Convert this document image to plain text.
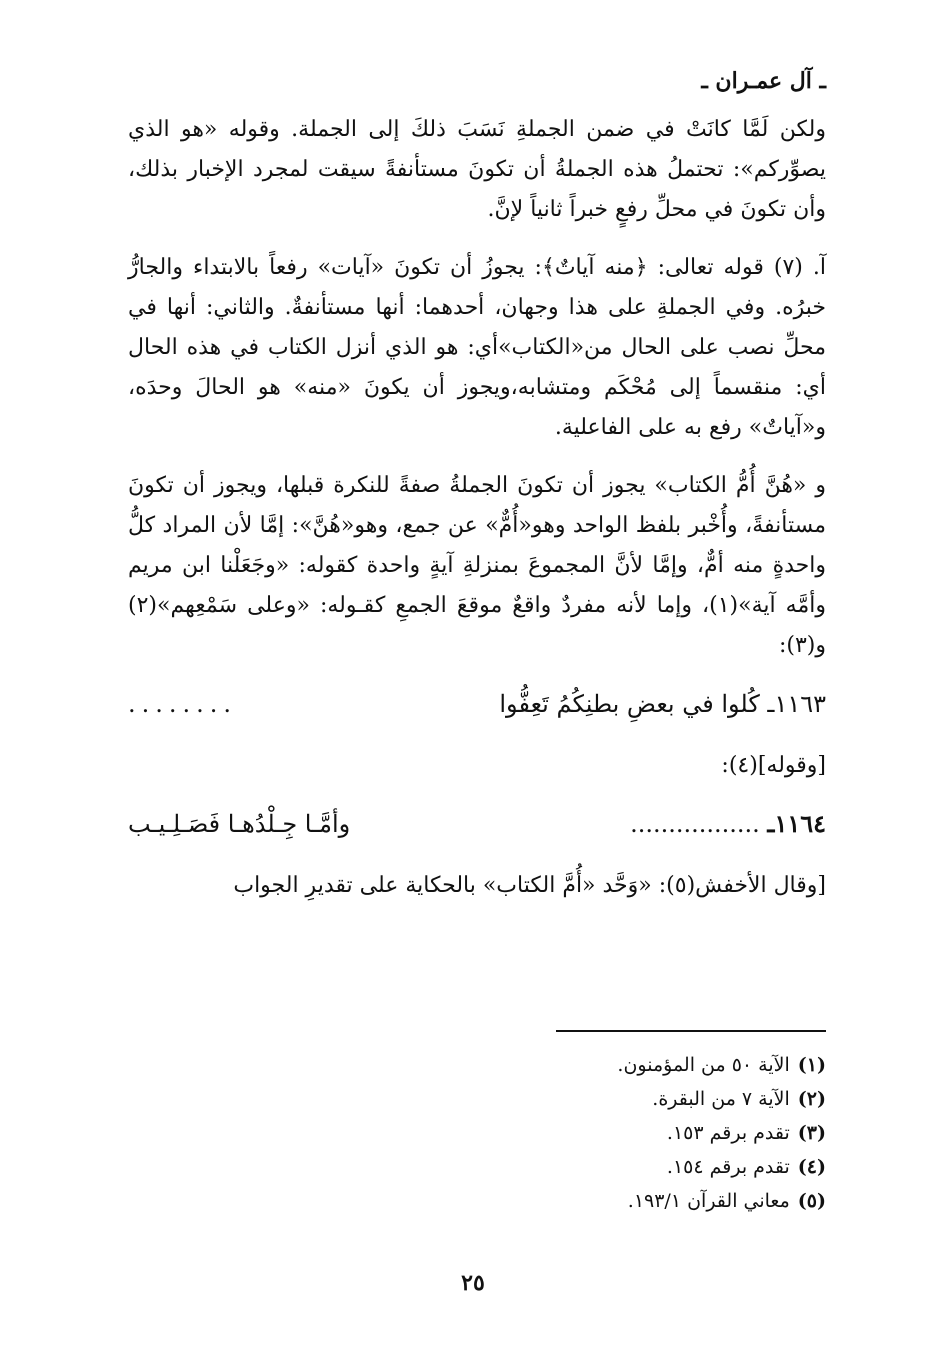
ـ آل عمـران ـ

ولكن لَمَّا كانَتْ في ضمن الجملةِ نَسَبَ ذلكَ إلى الجملة. وقوله «هو الذي يصوِّركم»: تحتملُ هذه الجملةُ أن تكونَ مستأنفةً سيقت لمجرد الإخبار بذلك، وأن تكونَ في محلِّ رفعٍ خبراً ثانياً لإنَّ.

آ. (٧) قوله تعالى: ﴿منه آياتٌ﴾: يجوزُ أن تكونَ «آيات» رفعاً بالابتداء والجارُّ خبرُه. وفي الجملةِ على هذا وجهان، أحدهما: أنها مستأنفةٌ. والثاني: أنها في محلِّ نصب على الحال من«الكتاب»أي: هو الذي أنزل الكتاب في هذه الحال أي: منقسماً إلى مُحْكَم ومتشابه،ويجوز أن يكونَ «منه» هو الحالَ وحدَه، و«آياتٌ» رفع به على الفاعلية.

و «هُنَّ أُمُّ الكتاب» يجوز أن تكونَ الجملةُ صفةً للنكرة قبلها، ويجوز أن تكونَ مستأنفةً، وأُخْبر بلفظ الواحد وهو«أُمٌّ» عن جمع، وهو«هُنَّ»: إمَّا لأن المراد كلُّ واحدةٍ منه أمٌّ، وإمَّا لأنَّ المجموعَ بمنزلةِ آيةٍ واحدة كقوله: «وجَعَلْنا ابن مريم وأمَّه آية»(١)، وإما لأنه مفردٌ واقعٌ موقعَ الجمعِ كقـوله: «وعلى سَمْعِهم»(٢) و(٣):

١١٦٣ـ كُلوا في بعضِ بطنِكُمُ تَعِفُّوا
........

[وقوله](٤):

١١٦٤ـ .................
وأمَّـا جِـلْدُهـا فَصَـلِـيـب

[وقال الأخفش(٥): «وَحَّد «أُمَّ الكتاب» بالحكاية على تقديرِ الجواب

(١)الآية ٥٠ من المؤمنون.
(٢)الآية ٧ من البقرة.
(٣)تقدم برقم ١٥٣.
(٤)تقدم برقم ١٥٤.
(٥)معاني القرآن ١٩٣/١.
٢٥
